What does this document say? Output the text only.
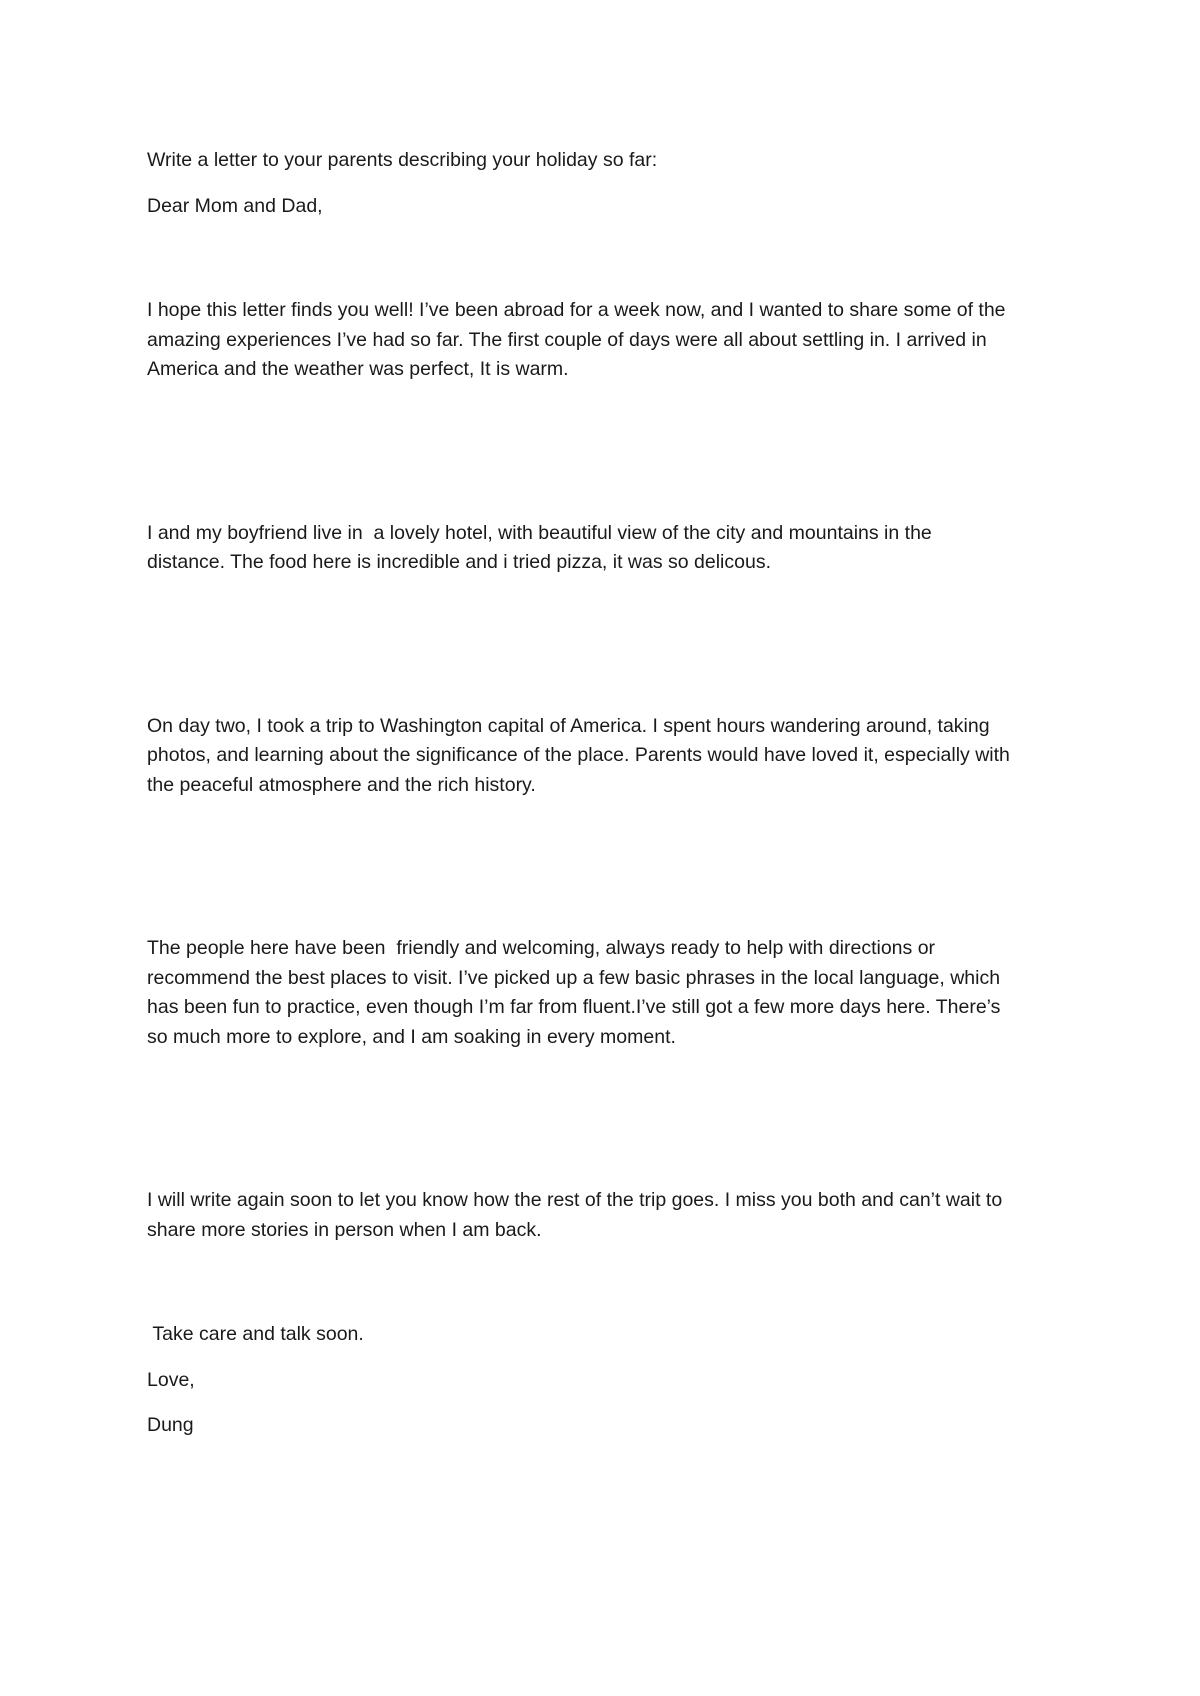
Write a letter to your parents describing your holiday so far:

Dear Mom and Dad,

I hope this letter finds you well! I’ve been abroad for a week now, and I wanted to share some of the
amazing experiences I’ve had so far. The first couple of days were all about settling in. I arrived in
America and the weather was perfect, It is warm.

I and my boyfriend live in  a lovely hotel, with beautiful view of the city and mountains in the
distance. The food here is incredible and i tried pizza, it was so delicous.

On day two, I took a trip to Washington capital of America. I spent hours wandering around, taking
photos, and learning about the significance of the place. Parents would have loved it, especially with
the peaceful atmosphere and the rich history.

The people here have been  friendly and welcoming, always ready to help with directions or
recommend the best places to visit. I’ve picked up a few basic phrases in the local language, which
has been fun to practice, even though I’m far from fluent.I’ve still got a few more days here. There’s
so much more to explore, and I am soaking in every moment.

I will write again soon to let you know how the rest of the trip goes. I miss you both and can’t wait to
share more stories in person when I am back.

Take care and talk soon.

Love,

Dung
